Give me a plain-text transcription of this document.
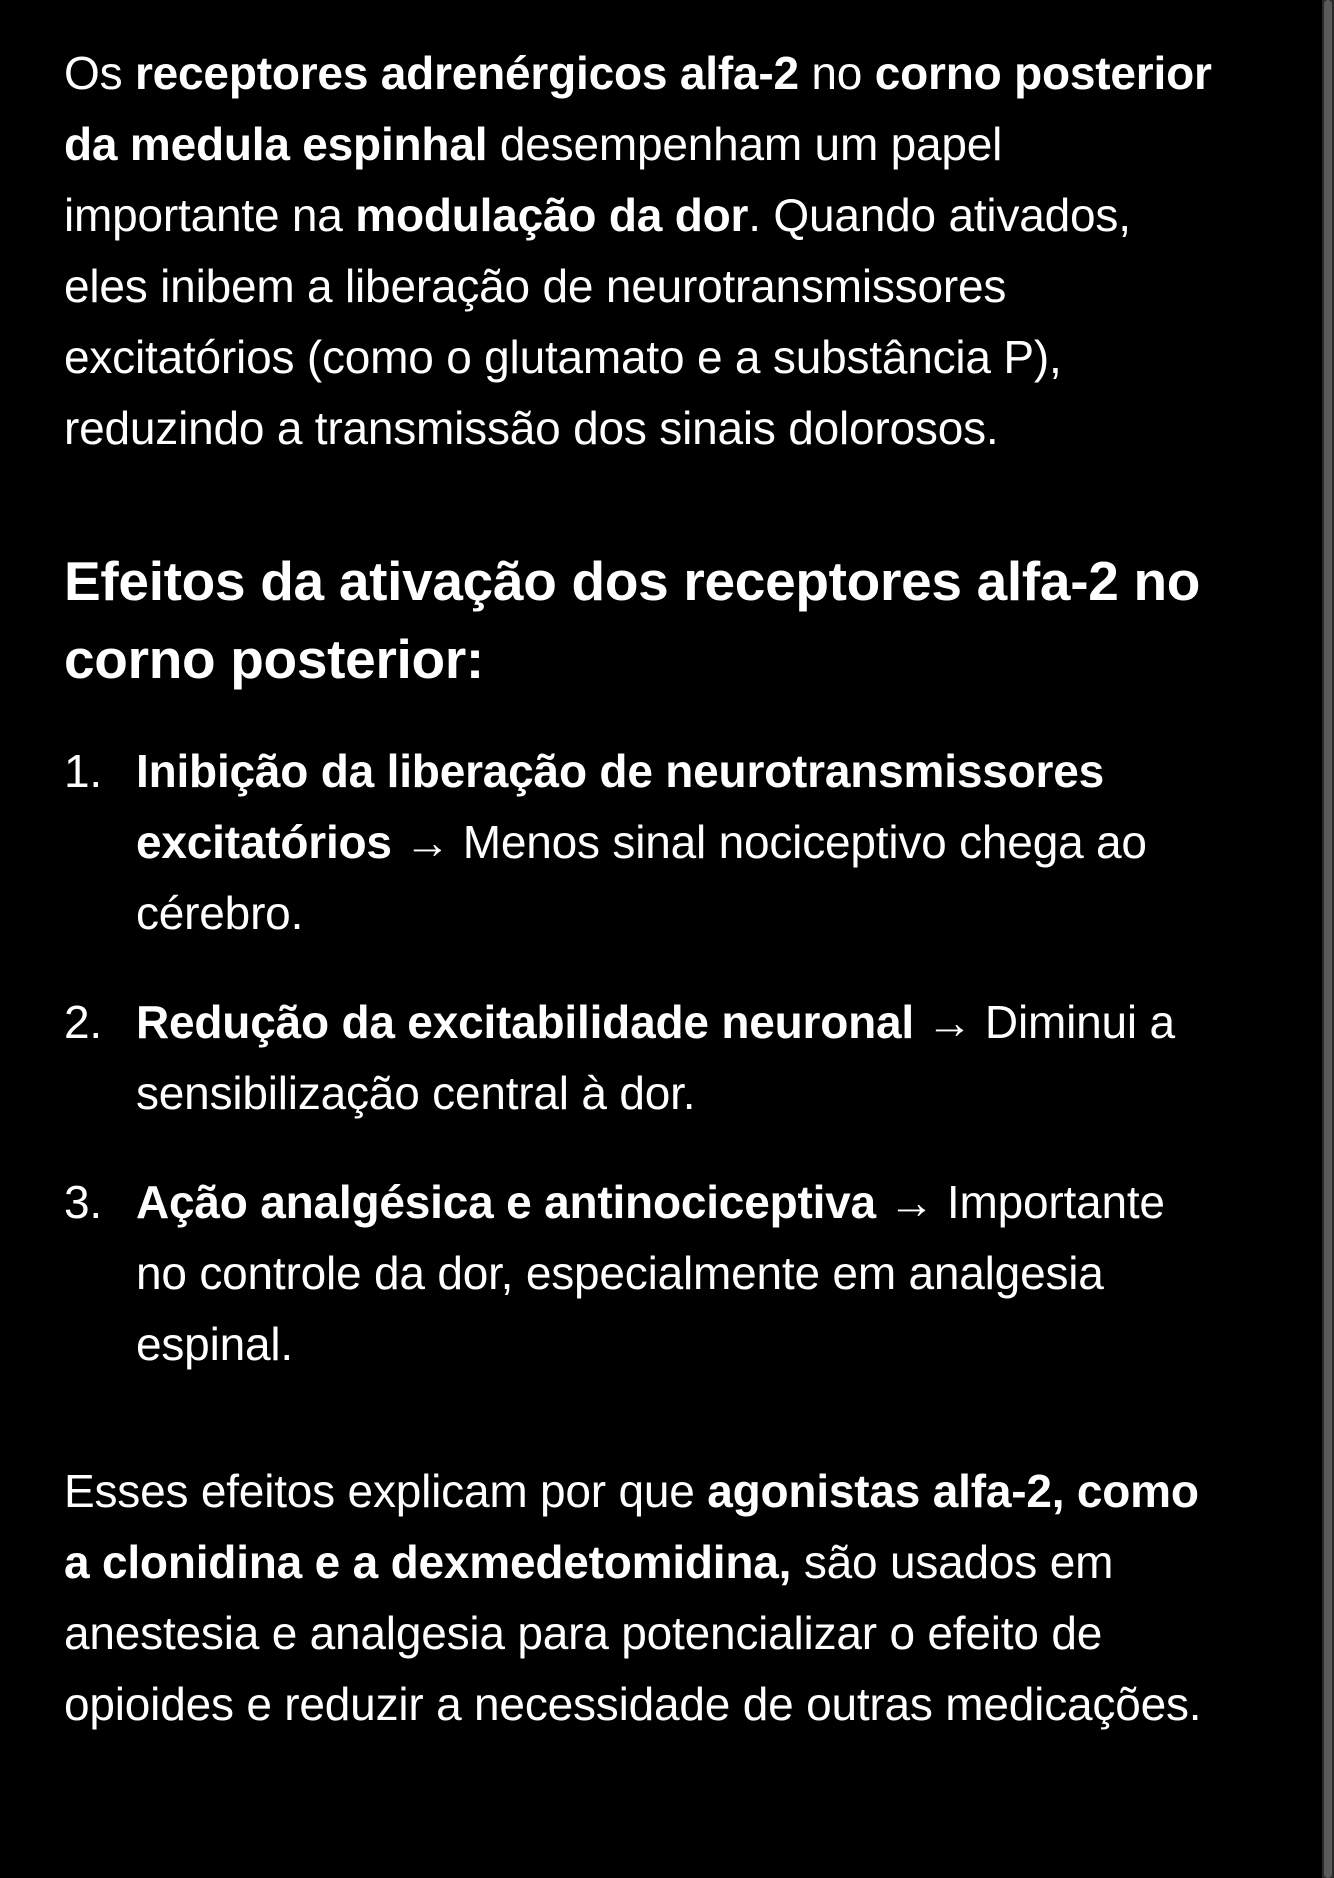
Os receptores adrenérgicos alfa-2 no corno posterior da medula espinhal desempenham um papel importante na modulação da dor. Quando ativados, eles inibem a liberação de neurotransmissores excitatórios (como o glutamato e a substância P), reduzindo a transmissão dos sinais dolorosos.

Efeitos da ativação dos receptores alfa-2 no corno posterior:
1. Inibição da liberação de neurotransmissores excitatórios → Menos sinal nociceptivo chega ao cérebro.
2. Redução da excitabilidade neuronal → Diminui a sensibilização central à dor.
3. Ação analgésica e antinociceptiva → Importante no controle da dor, especialmente em analgesia espinal.

Esses efeitos explicam por que agonistas alfa-2, como a clonidina e a dexmedetomidina, são usados em anestesia e analgesia para potencializar o efeito de opioides e reduzir a necessidade de outras medicações.
